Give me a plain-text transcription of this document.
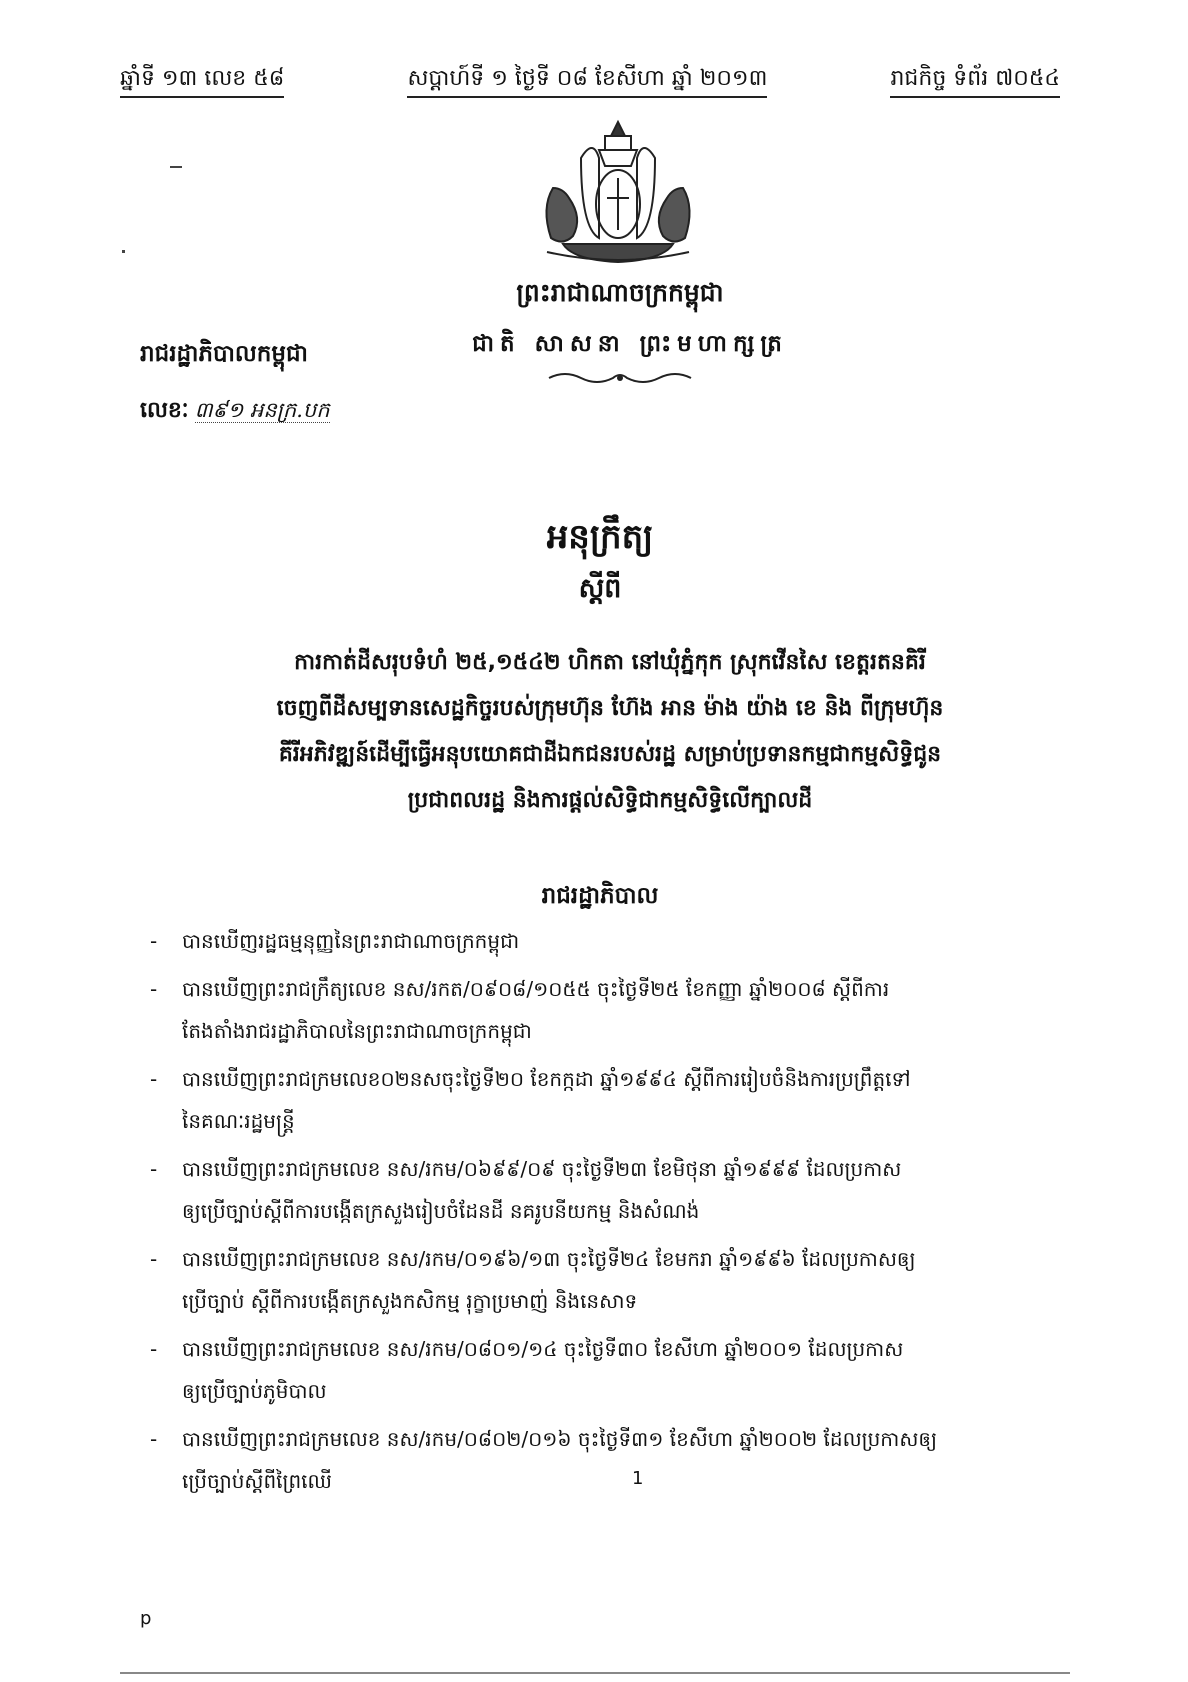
ឆ្នាំទី ១៣ លេខ ៥៨	សប្តាហ៍ទី ១ ថ្ងៃទី ០៨ ខែសីហា ឆ្នាំ ២០១៣	រាជកិច្ច ទំព័រ ៧០៥៤
ព្រះរាជាណាចក្រកម្ពុជា
ជាតិ សាសនា ព្រះមហាក្សត្រ
រាជរដ្ឋាភិបាលកម្ពុជា
លេខៈ ៣៩១ អនក្រ.បក
អនុក្រឹត្យ
ស្តីពី
ការកាត់ដីសរុបទំហំ ២៥,១៥៤២ ហិកតា នៅឃុំភ្នំកុក ស្រុកវើនសៃ ខេត្តរតនគិរី
ចេញពីដីសម្បទានសេដ្ឋកិច្ចរបស់ក្រុមហ៊ុន ហ៊ែង អាន ម៉ាង យ៉ាង ខេ និង ពីក្រុមហ៊ុន
គីរីអភិវឌ្ឍន៍ដើម្បីធ្វើអនុបយោគជាដីឯកជនរបស់រដ្ឋ សម្រាប់ប្រទានកម្មជាកម្មសិទ្ធិជូន
ប្រជាពលរដ្ឋ និងការផ្តល់សិទ្ធិជាកម្មសិទ្ធិលើក្បាលដី
រាជរដ្ឋាភិបាល
- បានឃើញរដ្ឋធម្មនុញ្ញនៃព្រះរាជាណាចក្រកម្ពុជា
- បានឃើញព្រះរាជក្រឹត្យលេខ នស/រកត/០៩០៨/១០៥៥ ចុះថ្ងៃទី២៥ ខែកញ្ញា ឆ្នាំ២០០៨ ស្តីពីការ
តែងតាំងរាជរដ្ឋាភិបាលនៃព្រះរាជាណាចក្រកម្ពុជា
- បានឃើញព្រះរាជក្រមលេខ០២នសចុះថ្ងៃទី២០ ខែកក្កដា ឆ្នាំ១៩៩៤ ស្តីពីការរៀបចំនិងការប្រព្រឹត្តទៅ
នៃគណៈរដ្ឋមន្ត្រី
- បានឃើញព្រះរាជក្រមលេខ នស/រកម/០៦៩៩/០៩ ចុះថ្ងៃទី២៣ ខែមិថុនា ឆ្នាំ១៩៩៩ ដែលប្រកាស
ឲ្យប្រើច្បាប់ស្តីពីការបង្កើតក្រសួងរៀបចំដែនដី នគរូបនីយកម្ម និងសំណង់
- បានឃើញព្រះរាជក្រមលេខ នស/រកម/០១៩៦/១៣ ចុះថ្ងៃទី២៤ ខែមករា ឆ្នាំ១៩៩៦ ដែលប្រកាសឲ្យ
ប្រើច្បាប់ ស្តីពីការបង្កើតក្រសួងកសិកម្ម រុក្ខាប្រមាញ់ និងនេសាទ
- បានឃើញព្រះរាជក្រមលេខ នស/រកម/០៨០១/១៤ ចុះថ្ងៃទី៣០ ខែសីហា ឆ្នាំ២០០១ ដែលប្រកាស
ឲ្យប្រើច្បាប់ភូមិបាល
- បានឃើញព្រះរាជក្រមលេខ នស/រកម/០៨០២/០១៦ ចុះថ្ងៃទី៣១ ខែសីហា ឆ្នាំ២០០២ ដែលប្រកាសឲ្យ
ប្រើច្បាប់ស្តីពីព្រៃឈើ	1
p
